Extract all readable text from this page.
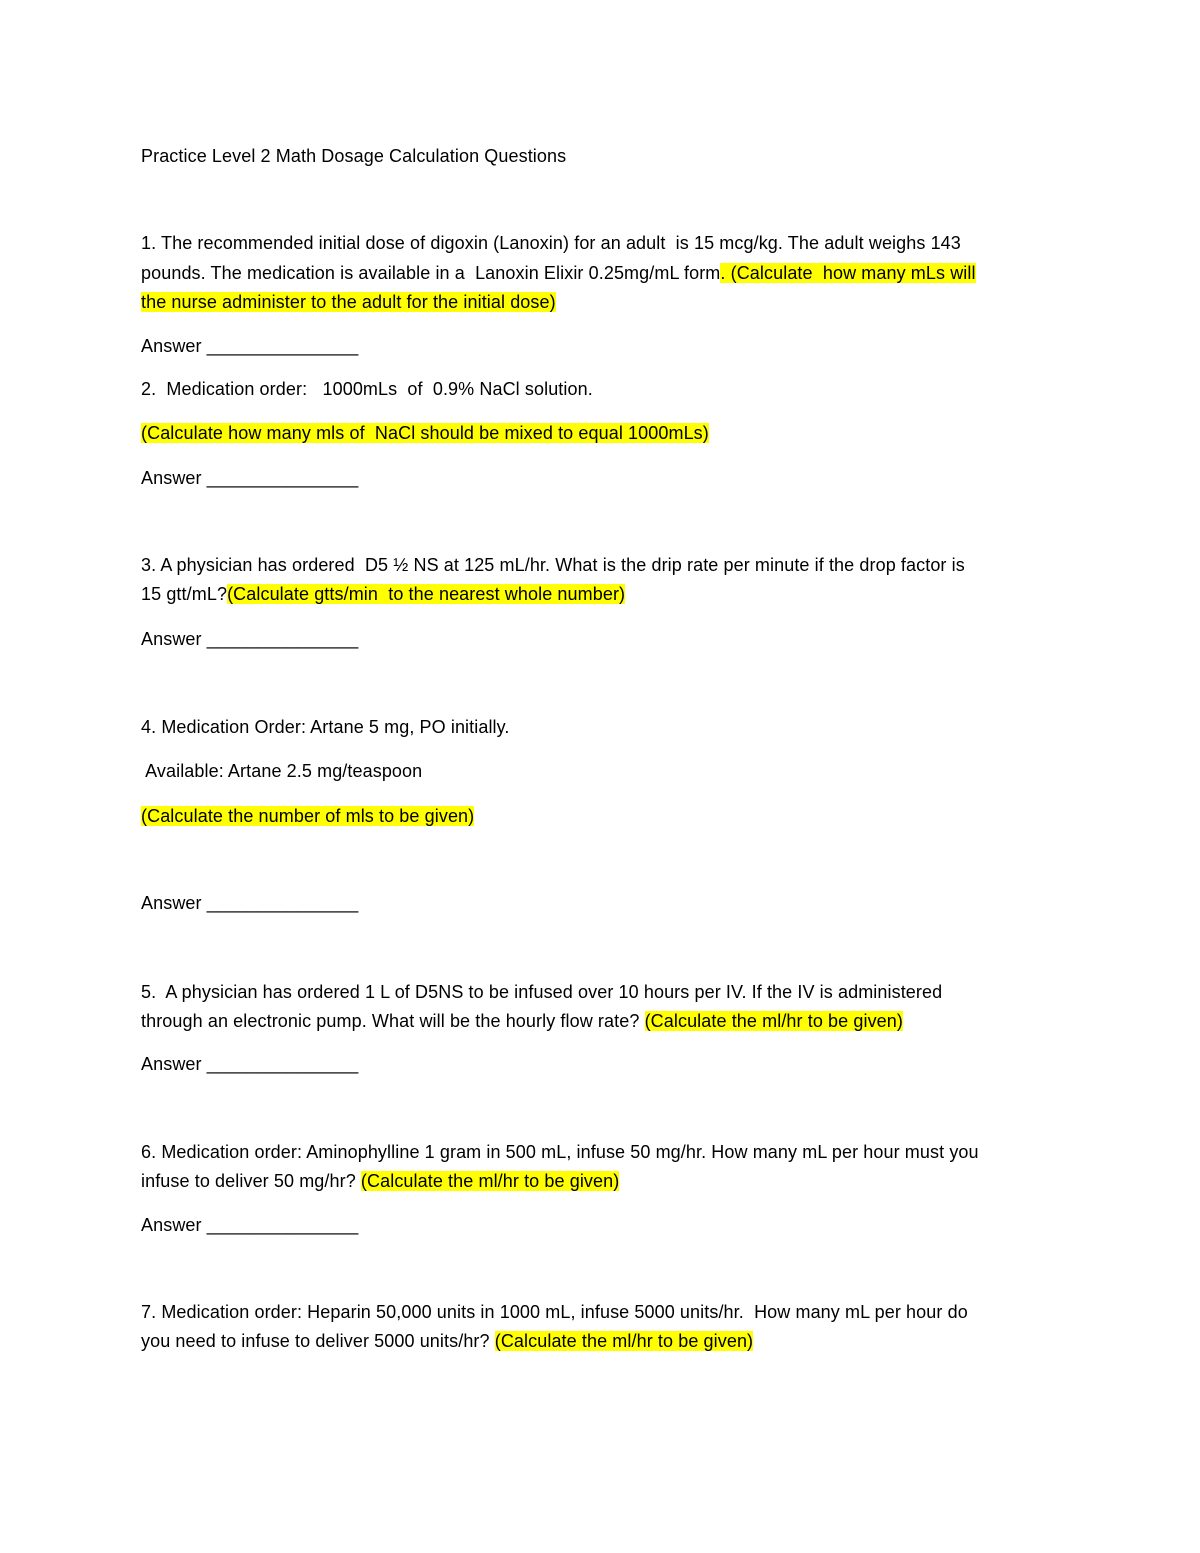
Practice Level 2 Math Dosage Calculation Questions
1. The recommended initial dose of digoxin (Lanoxin) for an adult  is 15 mcg/kg. The adult weighs 143
pounds. The medication is available in a  Lanoxin Elixir 0.25mg/mL form. (Calculate  how many mLs will
the nurse administer to the adult for the initial dose)
Answer _______________
2.  Medication order:   1000mLs  of  0.9% NaCl solution.
(Calculate how many mls of  NaCl should be mixed to equal 1000mLs)
Answer _______________
3. A physician has ordered  D5 ½ NS at 125 mL/hr. What is the drip rate per minute if the drop factor is
15 gtt/mL?(Calculate gtts/min  to the nearest whole number)
Answer _______________
4. Medication Order: Artane 5 mg, PO initially.
Available: Artane 2.5 mg/teaspoon
(Calculate the number of mls to be given)
Answer _______________
5.  A physician has ordered 1 L of D5NS to be infused over 10 hours per IV. If the IV is administered
through an electronic pump. What will be the hourly flow rate? (Calculate the ml/hr to be given)
Answer _______________
6. Medication order: Aminophylline 1 gram in 500 mL, infuse 50 mg/hr. How many mL per hour must you
infuse to deliver 50 mg/hr? (Calculate the ml/hr to be given)
Answer _______________
7. Medication order: Heparin 50,000 units in 1000 mL, infuse 5000 units/hr.  How many mL per hour do
you need to infuse to deliver 5000 units/hr? (Calculate the ml/hr to be given)
